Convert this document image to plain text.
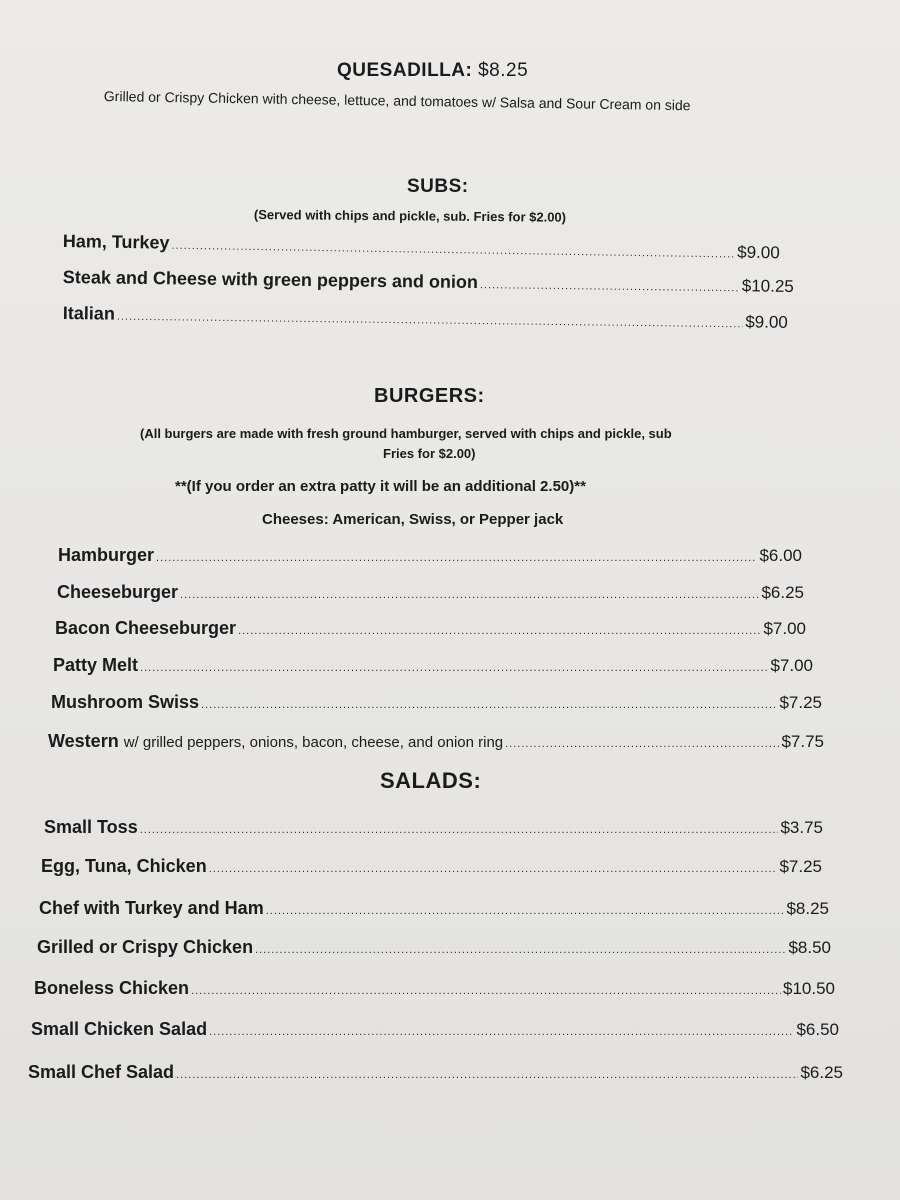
QUESADILLA: $8.25
Grilled or Crispy Chicken with cheese, lettuce, and tomatoes w/ Salsa and Sour Cream on side
SUBS:
(Served with chips and pickle, sub. Fries for $2.00)
Ham, Turkey .....	$9.00
Steak and Cheese with green peppers and onion .....	$10.25
Italian .....	$9.00
BURGERS:
(All burgers are made with fresh ground hamburger, served with chips and pickle, sub
Fries for $2.00)
**(If you order an extra patty it will be an additional 2.50)**
Cheeses: American, Swiss, or Pepper jack
Hamburger .....	$6.00
Cheeseburger .....	$6.25
Bacon Cheeseburger .....	$7.00
Patty Melt .....	$7.00
Mushroom Swiss .....	$7.25
Western w/ grilled peppers, onions, bacon, cheese, and onion ring .....	$7.75
SALADS:
Small Toss .....	$3.75
Egg, Tuna, Chicken .....	$7.25
Chef with Turkey and Ham .....	$8.25
Grilled or Crispy Chicken .....	$8.50
Boneless Chicken .....	$10.50
Small Chicken Salad .....	$6.50
Small Chef Salad .....	$6.25
